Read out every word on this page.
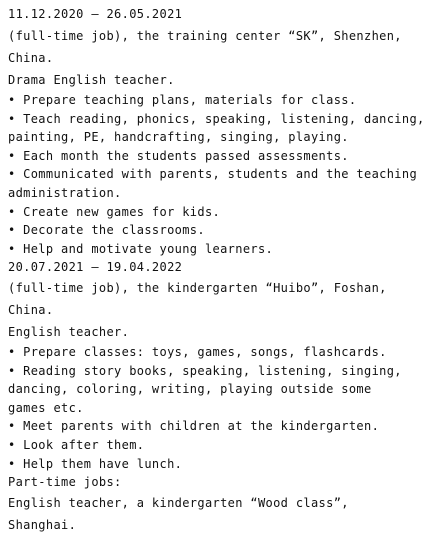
11.12.2020 – 26.05.2021
(full-time job), the training center “SK”, Shenzhen,
China.
Drama English teacher.
• Prepare teaching plans, materials for class.
• Teach reading, phonics, speaking, listening, dancing,
painting, PE, handcrafting, singing, playing.
• Each month the students passed assessments.
• Communicated with parents, students and the teaching
administration.
• Create new games for kids.
• Decorate the classrooms.
• Help and motivate young learners.
20.07.2021 – 19.04.2022
(full-time job), the kindergarten “Huibo”, Foshan,
China.
English teacher.
• Prepare classes: toys, games, songs, flashcards.
• Reading story books, speaking, listening, singing,
dancing, coloring, writing, playing outside some
games etc.
• Meet parents with children at the kindergarten.
• Look after them.
• Help them have lunch.
Part-time jobs:
English teacher, a kindergarten “Wood class”,
Shanghai.
